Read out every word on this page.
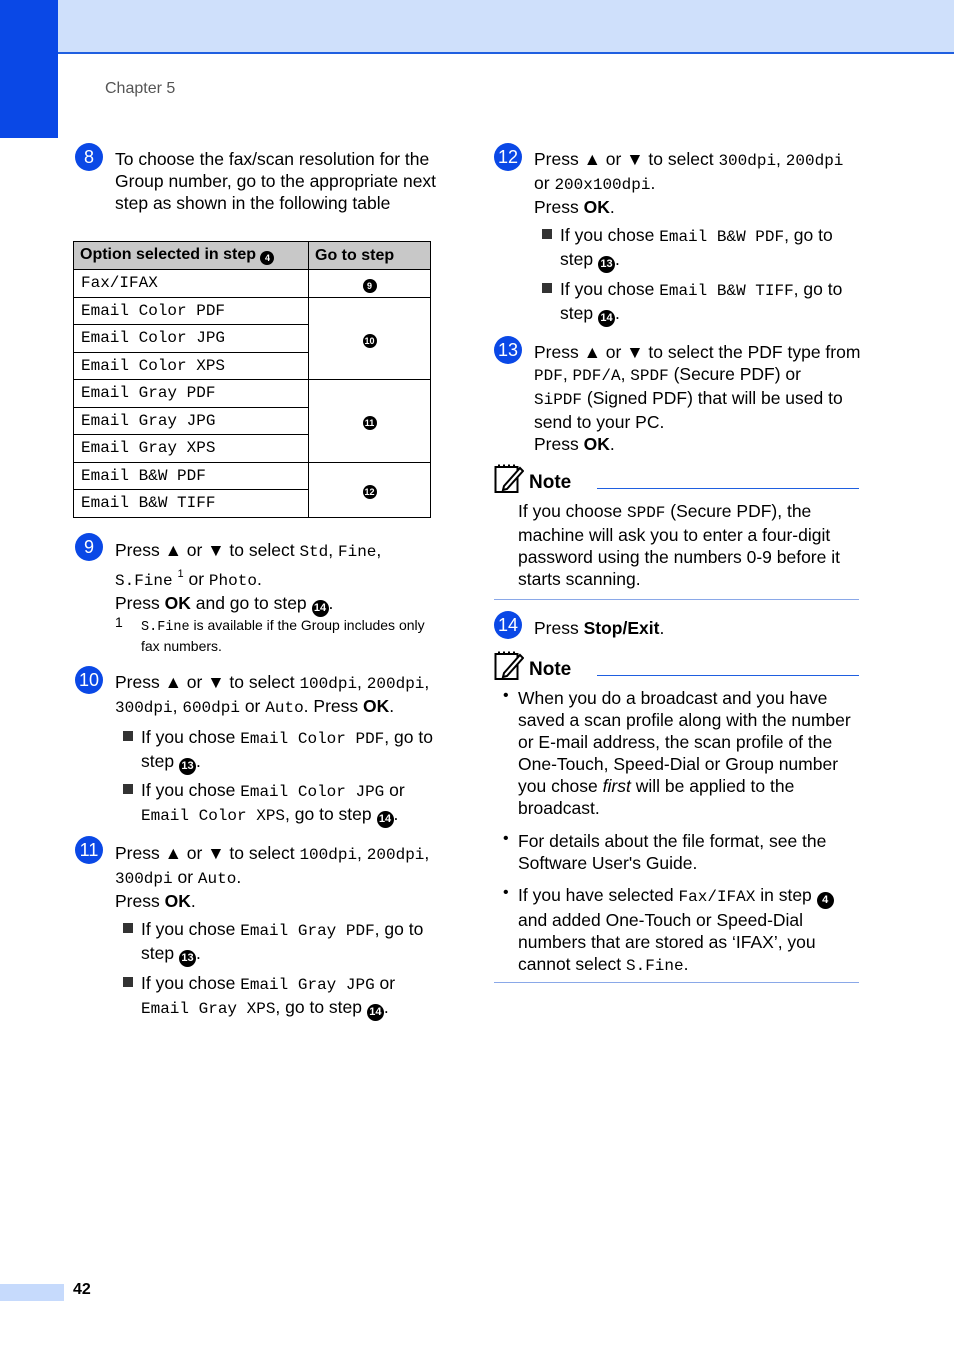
Chapter 5
8	To choose the fax/scan resolution for the Group number, go to the appropriate next step as shown in the following table
Option selected in step 4	Go to step
Fax/IFAX	9
Email Color PDF	10
Email Color JPG	
Email Color XPS	
Email Gray PDF	11
Email Gray JPG	
Email Gray XPS	
Email B&W PDF	12
Email B&W TIFF	
9	Press ▲ or ▼ to select Std, Fine,
S.Fine $^1$ or Photo.
Press OK and go to step 14 .
1 S.Fine is available if the Group includes only fax numbers.
10 Press ▲ or ▼ to select 100dpi, 200dpi,
300dpi, 600dpi or Auto. Press OK.
If you chose Email Color PDF, go to step 13 .
If you chose Email Color JPG or
Email Color XPS, go to step 14 .
11 Press ▲ or ▼ to select 100dpi, 200dpi,
300dpi or Auto.
Press OK.
If you chose Email Gray PDF, go to step 13 .
If you chose Email Gray JPG or
Email Gray XPS, go to step 14 .
12 Press ▲ or ▼ to select 300dpi, 200dpi
or 200x100dpi.
Press OK.
If you chose Email B&W PDF, go to step 13 .
If you chose Email B&W TIFF, go to step 14 .
13 Press ▲ or ▼ to select the PDF type from
PDF, PDF/A, SPDF (Secure PDF) or
SiPDF (Signed PDF) that will be used to send to your PC.
Press OK.
Note
If you choose SPDF (Secure PDF), the machine will ask you to enter a four-digit password using the numbers 0-9 before it starts scanning.
14 Press Stop/Exit.
Note
• When you do a broadcast and you have saved a scan profile along with the number or E-mail address, the scan profile of the One-Touch, Speed-Dial or Group number you chose first will be applied to the broadcast.
• For details about the file format, see the Software User's Guide.
• If you have selected Fax/IFAX in step 4 and added One-Touch or Speed-Dial numbers that are stored as ‘IFAX’, you cannot select S.Fine.
42
